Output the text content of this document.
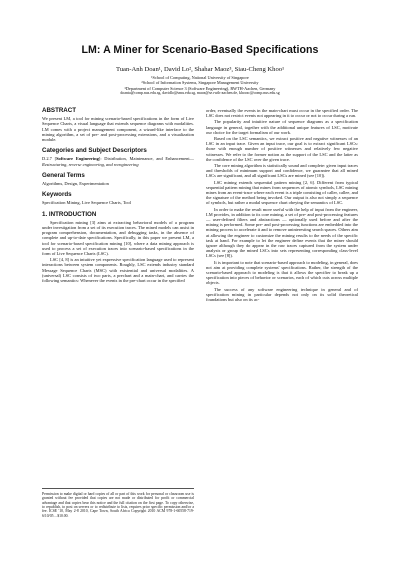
LM: A Miner for Scenario-Based Specifications
Tuan-Anh Doan¹, David Lo², Shahar Maoz³, Siau-Cheng Khoo¹
¹School of Computing, National University of Singapore
²School of Information Systems, Singapore Management University
³Department of Computer Science 3 (Software Engineering), RWTH-Aachen, Germany
doanta@comp.nus.edu.sg, davidlo@smu.edu.sg, maoz@se.rwth-aachen.de, khoosc@comp.nus.edu.sg
ABSTRACT

We present LM, a tool for mining scenario-based specifications in the form of Live Sequence Charts, a visual language that extends sequence diagrams with modalities. LM comes with a project management component, a wizard-like interface to the mining algorithm, a set of pre- and post-processing extensions, and a visualization module.

Categories and Subject Descriptors

D.2.7 [Software Engineering]: Distribution, Maintenance, and Enhancement—Restructuring, reverse engineering, and reengineering

General Terms

Algorithms, Design, Experimentation

Keywords

Specification Mining, Live Sequence Charts, Tool

1. INTRODUCTION

Specification mining [3] aims at extracting behavioral models of a program under investigation from a set of its execution traces. The mined models can assist in program comprehension, documentation, and debugging tasks, in the absence of complete and up-to-date specifications. Specifically, in this paper we present LM, a tool for scenario-based specification mining [10], where a data mining approach is used to process a set of execution traces into scenario-based specifications in the form of Live Sequence Charts (LSC).

LSC [4, 8] is an intuitive yet expressive specification language used to represent interactions between system components. Roughly, LSC extends industry standard Message Sequence Charts (MSC) with existential and universal modalities. A (universal) LSC consists of two parts, a prechart and a main-chart, and carries the following semantics: Whenever the events in the pre-chart occur in the specified

order, eventually the events in the main-chart must occur in the specified order. The LSC does not restrict events not appearing in it to occur or not to occur during a run.

The popularity and intuitive nature of sequence diagrams as a specification language in general, together with the additional unique features of LSC, motivate our choice for the target formalism of our work.

Based on the LSC semantics, we extract positive and negative witnesses of an LSC in an input trace. Given an input trace, our goal is to extract significant LSCs: those with enough number of positive witnesses and relatively few negative witnesses. We refer to the former notion as the support of the LSC and the latter as the confidence of the LSC over the given trace.

The core mining algorithm is statistically sound and complete: given input traces and thresholds of minimum support and confidence, we guarantee that all mined LSCs are significant, and all significant LSCs are mined (see [10]).

LSC mining extends sequential pattern mining [2, 6]. Different from typical sequential pattern mining that mines from sequences of atomic symbols, LSC mining mines from an event-trace where each event is a triple consisting of caller, callee, and the signature of the method being invoked. Our output is also not simply a sequence of symbols, but rather a modal sequence chart obeying the semantics of LSC.

In order to make the result more useful with the help of input from the engineer, LM provides, in addition to its core mining, a set of pre- and post-processing features — user-defined filters and abstractions — optionally used before and after the mining is performed. Some pre- and post-processing functions are embedded into the mining process to accelerate it and to remove uninteresting search spaces. Others aim at allowing the engineer to customize the mining results to the needs of the specific task at hand. For example to let the engineer define events that the miner should ignore although they do appear in the raw traces captured from the system under analysis or group the mined LSCs into sets representing corresponding class-level LSCs (see [8]).

It is important to note that scenario-based approach to modeling, in general, does not aim at providing complete systems' specifications. Rather, the strength of the scenario-based approach to modeling is that it allows the specifier to break up a specification into pieces of behavior or scenarios, each of which cuts across multiple objects.

The success of any software engineering technique in general and of specification mining in particular depends not only on its solid theoretical foundations but also on its ac-

Permission to make digital or hard copies of all or part of this work for personal or classroom use is granted without fee provided that copies are not made or distributed for profit or commercial advantage and that copies bear this notice and the full citation on the first page. To copy otherwise, to republish, to post on servers or to redistribute to lists, requires prior specific permission and/or a fee. ICSE '10, May 2-8 2010, Cape Town, South Africa Copyright 2010 ACM 978-1-60558-719-6/10/05 ...$10.00.
